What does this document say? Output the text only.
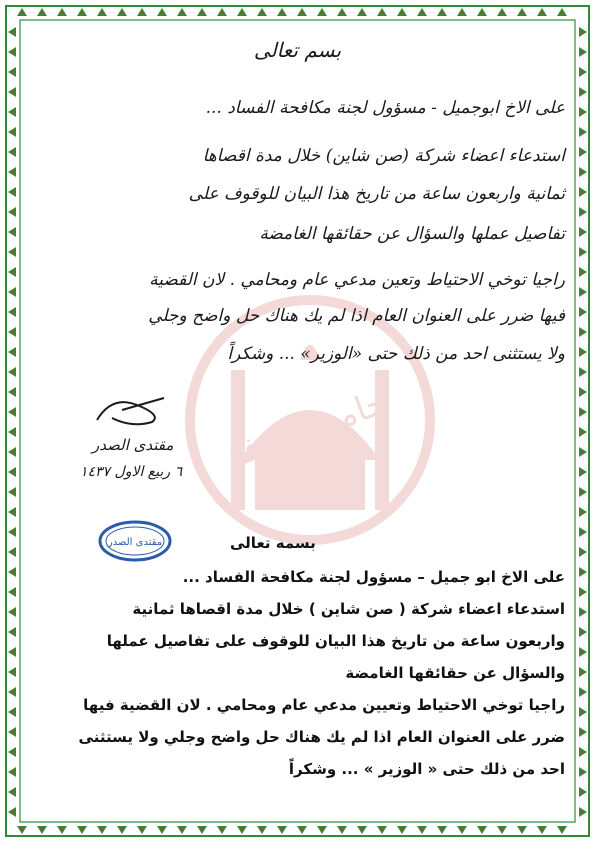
جامع الكوفة
بسم تعالى
على الاخ ابوجميل - مسؤول لجنة مكافحة الفساد ...
استدعاء اعضاء شركة (صن شاين) خلال مدة اقصاها
ثمانية واربعون ساعة من تاريخ هذا البيان للوقوف على
تفاصيل عملها والسؤال عن حقائقها الغامضة
راجيا توخي الاحتياط وتعين مدعي عام ومحامي . لان القضية
فيها ضرر على العنوان العام اذا لم يك هناك حل واضح وجلي
ولا يستثنى احد من ذلك حتى «الوزير» ... وشكراً
مقتدى الصدر
٦ ربيع الاول ١٤٣٧
مقتدى الصدر	بسمه تعالى
على الاخ ابو جميل – مسؤول لجنة مكافحة الفساد ...
استدعاء اعضاء شركة ( صن شاين ) خلال مدة اقصاها ثمانية
واربعون ساعة من تاريخ هذا البيان للوقوف على تفاصيل عملها
والسؤال عن حقائقها الغامضة
راجيا توخي الاحتياط وتعيين مدعي عام ومحامي . لان القضية فيها
ضرر على العنوان العام اذا لم يك هناك حل واضح وجلي ولا يستثنى
احد من ذلك حتى « الوزير » ... وشكراً
